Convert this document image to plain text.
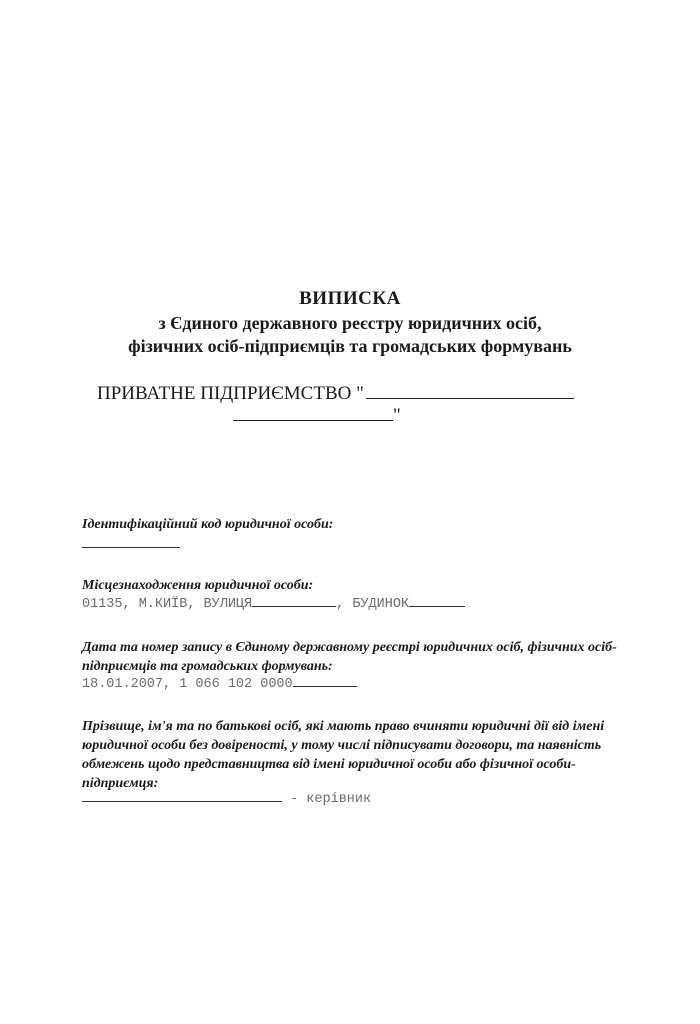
ВИПИСКА
з Єдиного державного реєстру юридичних осіб,
фізичних осіб-підприємців та громадських формувань
ПРИВАТНЕ ПІДПРИЄМСТВО "
"
Ідентифікаційний код юридичної особи:
Місцезнаходження юридичної особи:
01135, М.КИЇВ, ВУЛИЦЯ	, БУДИНОК
Дата та номер запису в Єдиному державному реєстрі юридичних осіб, фізичних осіб-підприємців та громадських формувань:
18.01.2007, 1 066 102 0000
Прізвище, ім'я та по батькові осіб, які мають право вчиняти юридичні дії від імені юридичної особи без довіреності, у тому числі підписувати договори, та наявність обмежень щодо представництва від імені юридичної особи або фізичної особи-підприємця:
- керівник
